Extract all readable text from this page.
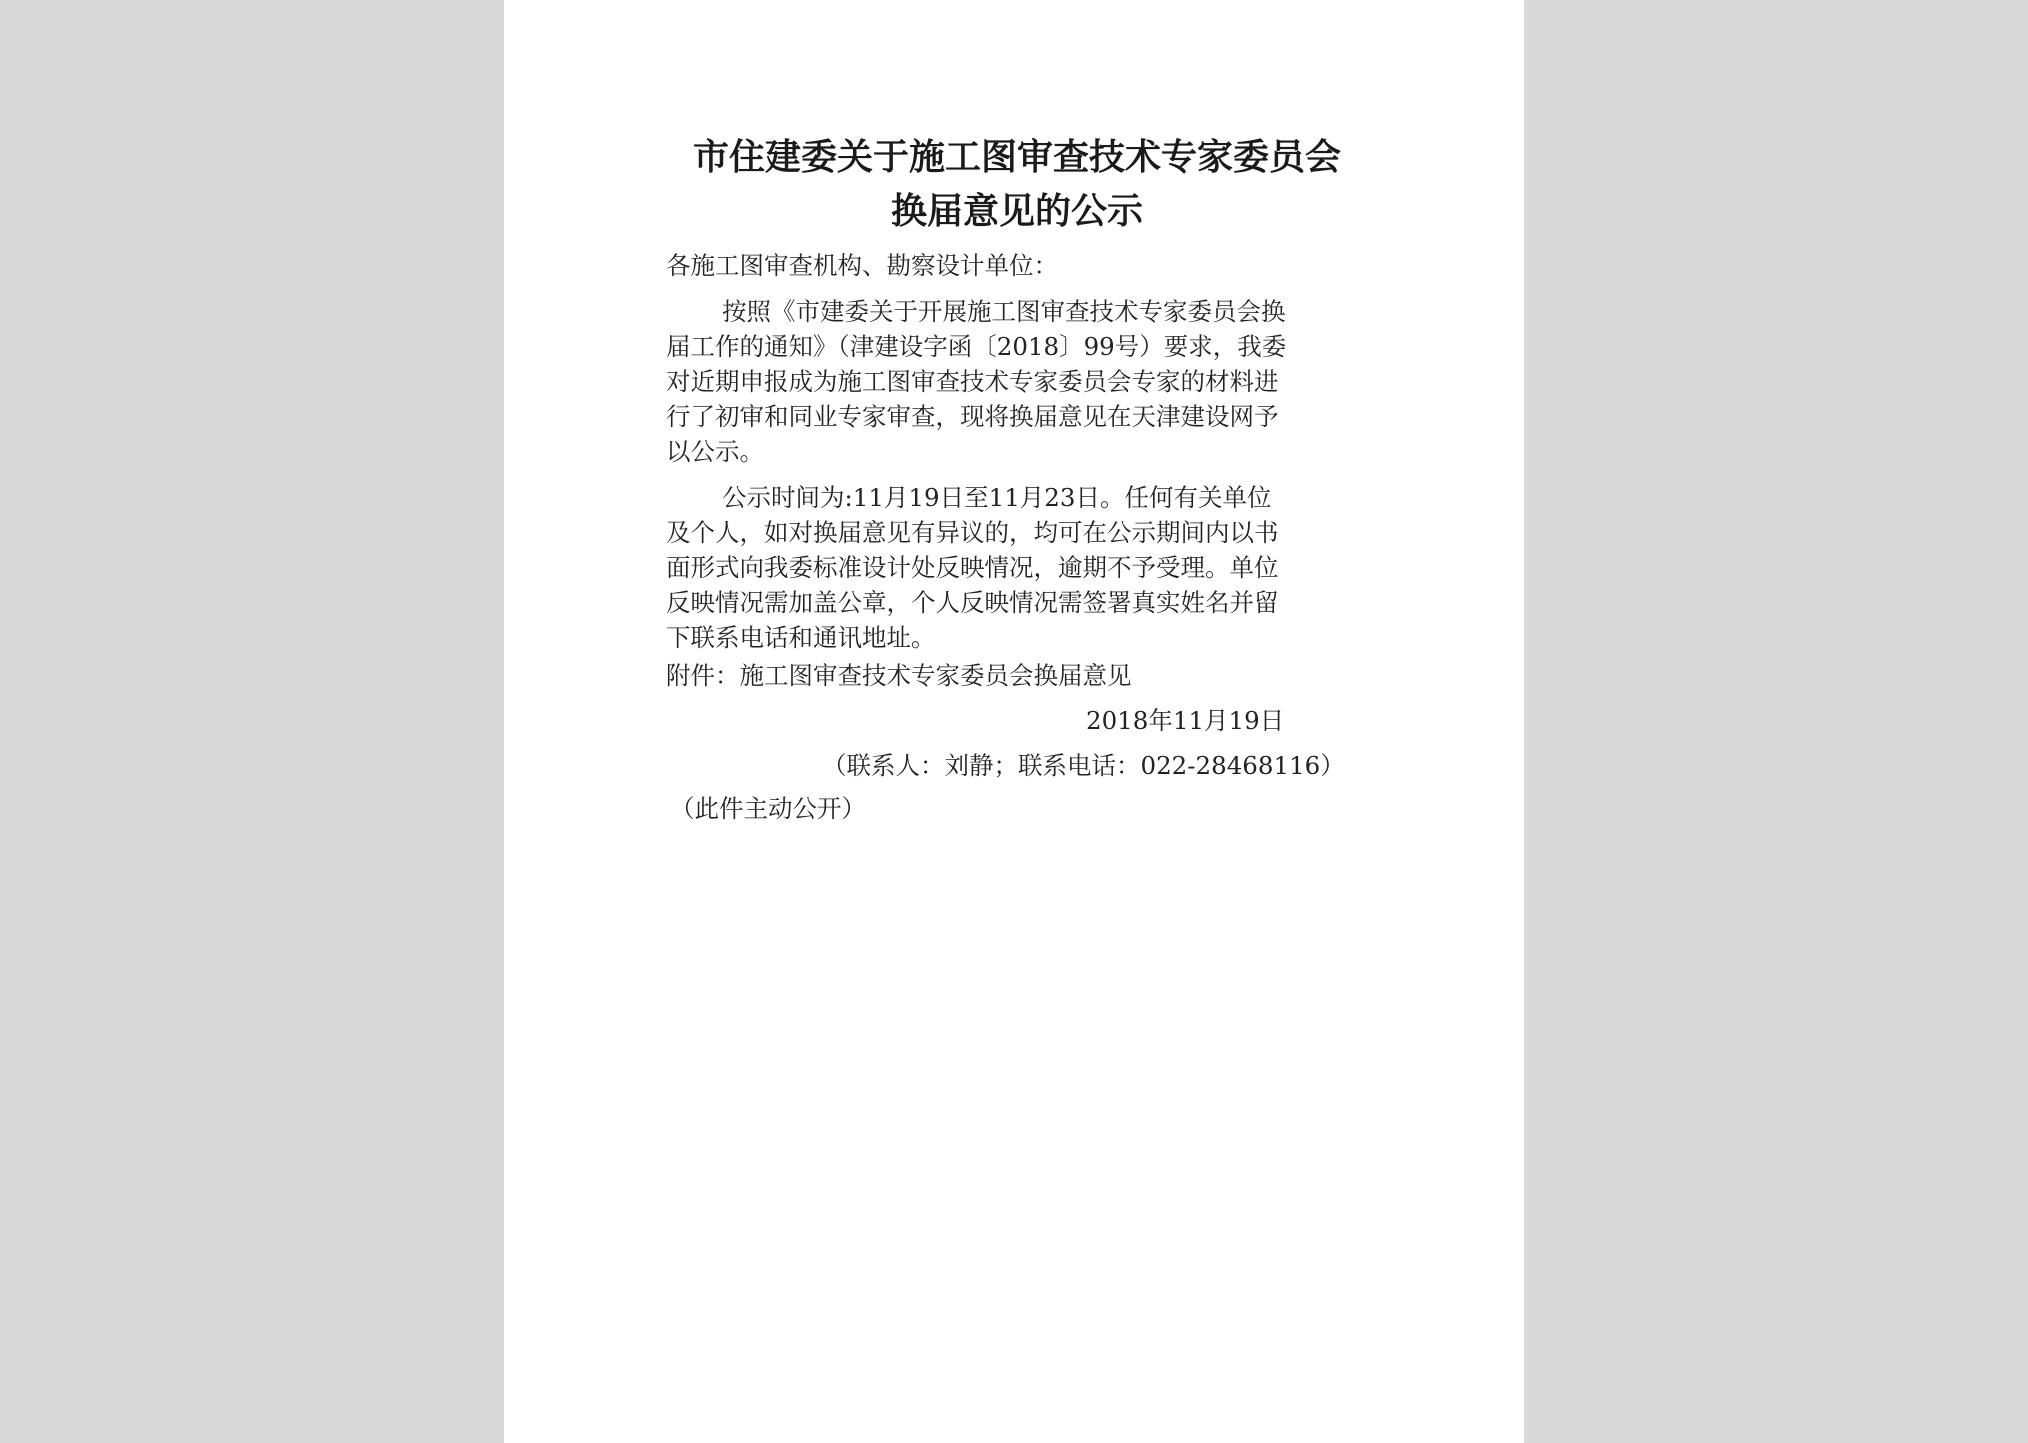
市住建委关于施工图审查技术专家委员会
换届意见的公示
各施工图审查机构、勘察设计单位：
按照《市建委关于开展施工图审查技术专家委员会换
届工作的通知》（津建设字函〔2018〕99号）要求，我委
对近期申报成为施工图审查技术专家委员会专家的材料进
行了初审和同业专家审查，现将换届意见在天津建设网予
以公示。
公示时间为:11月19日至11月23日。任何有关单位
及个人，如对换届意见有异议的，均可在公示期间内以书
面形式向我委标准设计处反映情况，逾期不予受理。单位
反映情况需加盖公章，个人反映情况需签署真实姓名并留
下联系电话和通讯地址。
附件：施工图审查技术专家委员会换届意见
2018年11月19日
（联系人：刘静；联系电话：022-28468116）
（此件主动公开）
